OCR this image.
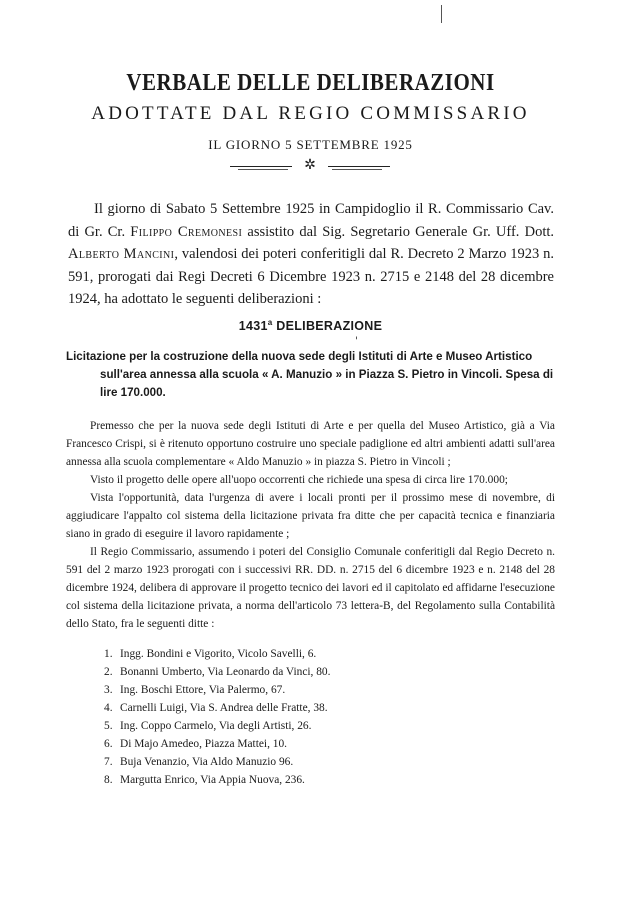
VERBALE DELLE DELIBERAZIONI
ADOTTATE DAL REGIO COMMISSARIO
IL GIORNO 5 SETTEMBRE 1925
✲
Il giorno di Sabato 5 Settembre 1925 in Campidoglio il R. Commissario Cav. di Gr. Cr. Filippo Cremonesi assistito dal Sig. Segretario Generale Gr. Uff. Dott. Alberto Mancini, valendosi dei poteri conferitigli dal R. Decreto 2 Marzo 1923 n. 591, prorogati dai Regi Decreti 6 Dicembre 1923 n. 2715 e 2148 del 28 dicembre 1924, ha adottato le seguenti deliberazioni :
1431$^a$ DELIBERAZIONE
'
Licitazione per la costruzione della nuova sede degli Istituti di Arte e Museo Artistico
sull'area annessa alla scuola « A. Manuzio » in Piazza S. Pietro in Vincoli. Spesa di lire 170.000.

Premesso che per la nuova sede degli Istituti di Arte e per quella del Museo Artistico, già a Via Francesco Crispi, si è ritenuto opportuno costruire uno speciale padiglione ed altri ambienti adatti sull'area annessa alla scuola complementare « Aldo Manuzio » in piazza S. Pietro in Vincoli ;

Visto il progetto delle opere all'uopo occorrenti che richiede una spesa di circa lire 170.000;

Vista l'opportunità, data l'urgenza di avere i locali pronti per il prossimo mese di novembre, di aggiudicare l'appalto col sistema della licitazione privata fra ditte che per capacità tecnica e finanziaria siano in grado di eseguire il lavoro rapidamente ;

Il Regio Commissario, assumendo i poteri del Consiglio Comunale conferitigli dal Regio Decreto n. 591 del 2 marzo 1923 prorogati con i successivi RR. DD. n. 2715 del 6 dicembre 1923 e n. 2148 del 28 dicembre 1924, delibera di approvare il progetto tecnico dei lavori ed il capitolato ed affidarne l'esecuzione col sistema della licitazione privata, a norma dell'articolo 73 lettera-B, del Regolamento sulla Contabilità dello Stato, fra le seguenti ditte :

1. Ingg. Bondini e Vigorito, Vicolo Savelli, 6.
2. Bonanni Umberto, Via Leonardo da Vinci, 80.
3. Ing. Boschi Ettore, Via Palermo, 67.
4. Carnelli Luigi, Via S. Andrea delle Fratte, 38.
5. Ing. Coppo Carmelo, Via degli Artisti, 26.
6. Di Majo Amedeo, Piazza Mattei, 10.
7. Buja Venanzio, Via Aldo Manuzio 96.
8. Margutta Enrico, Via Appia Nuova, 236.
